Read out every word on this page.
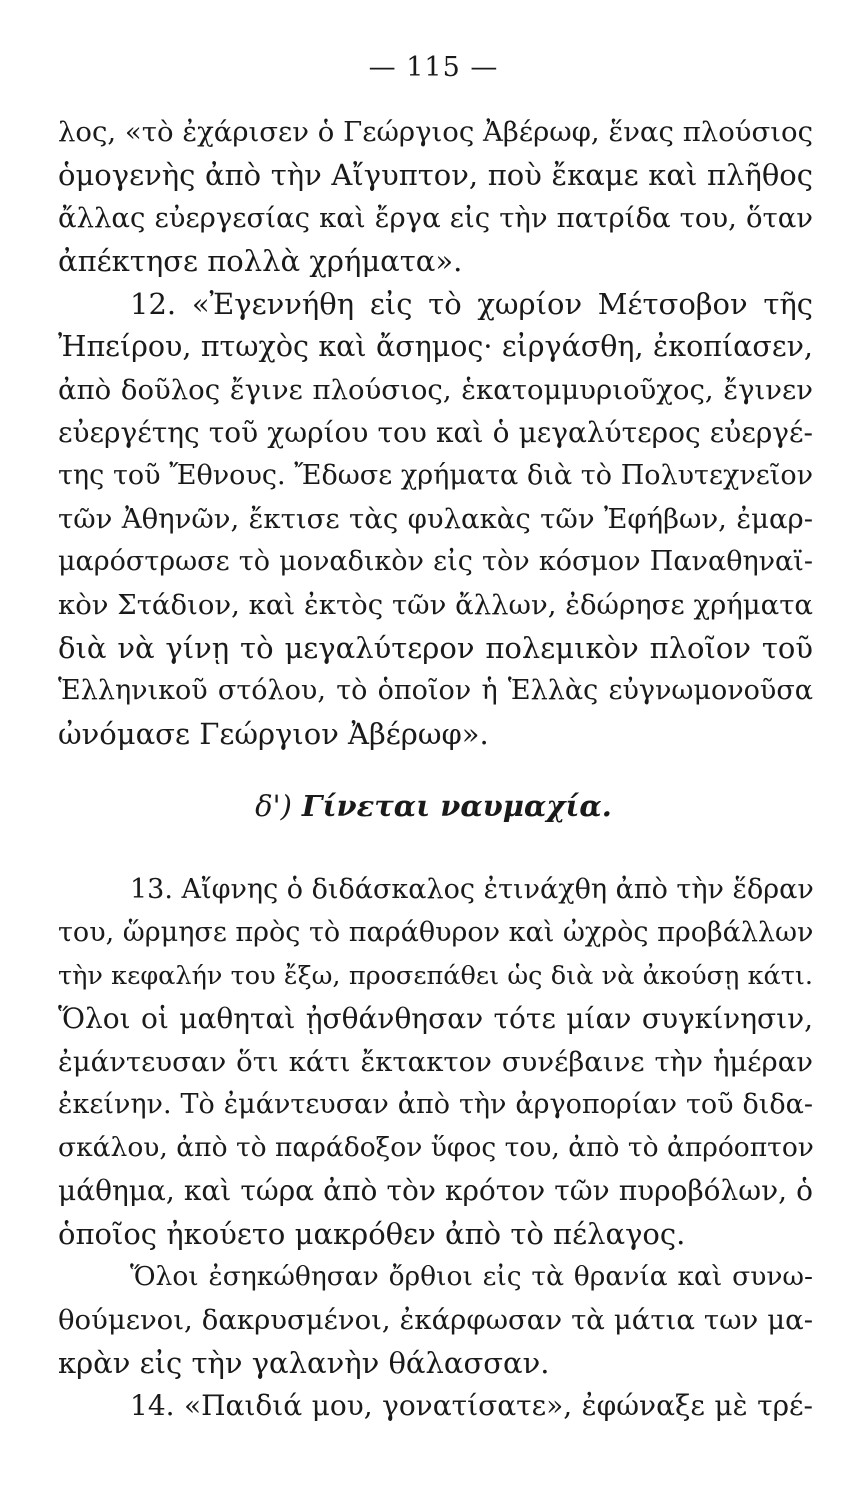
— 115 —
λος, «τὸ ἐχάρισεν ὁ Γεώργιος Ἀβέρωφ, ἕνας πλούσιος
ὁμογενὴς ἀπὸ τὴν Αἴγυπτον, ποὺ ἔκαμε καὶ πλῆθος
ἄλλας εὐεργεσίας καὶ ἔργα εἰς τὴν πατρίδα του, ὅταν
ἀπέκτησε πολλὰ χρήματα».
12. «Ἐγεννήθη εἰς τὸ χωρίον Μέτσοβον τῆς
Ἠπείρου, πτωχὸς καὶ ἄσημος· εἰργάσθη, ἐκοπίασεν,
ἀπὸ δοῦλος ἔγινε πλούσιος, ἑκατομμυριοῦχος, ἔγινεν
εὐεργέτης τοῦ χωρίου του καὶ ὁ μεγαλύτερος εὐεργέ-
της τοῦ Ἔθνους. Ἔδωσε χρήματα διὰ τὸ Πολυτεχνεῖον
τῶν Ἀθηνῶν, ἔκτισε τὰς φυλακὰς τῶν Ἐφήβων, ἐμαρ-
μαρόστρωσε τὸ μοναδικὸν εἰς τὸν κόσμον Παναθηναϊ-
κὸν Στάδιον, καὶ ἐκτὸς τῶν ἄλλων, ἐδώρησε χρήματα
διὰ νὰ γίνῃ τὸ μεγαλύτερον πολεμικὸν πλοῖον τοῦ
Ἑλληνικοῦ στόλου, τὸ ὁποῖον ἡ Ἑλλὰς εὐγνωμονοῦσα
ὠνόμασε Γεώργιον Ἀβέρωφ».
δ') Γίνεται ναυμαχία.
13. Αἴφνης ὁ διδάσκαλος ἐτινάχθη ἀπὸ τὴν ἕδραν
του, ὥρμησε πρὸς τὸ παράθυρον καὶ ὠχρὸς προβάλλων
τὴν κεφαλήν του ἔξω, προσεπάθει ὡς διὰ νὰ ἀκούσῃ κάτι.
Ὅλοι οἱ μαθηταὶ ᾐσθάνθησαν τότε μίαν συγκίνησιν,
ἐμάντευσαν ὅτι κάτι ἔκτακτον συνέβαινε τὴν ἡμέραν
ἐκείνην. Τὸ ἐμάντευσαν ἀπὸ τὴν ἀργοπορίαν τοῦ διδα-
σκάλου, ἀπὸ τὸ παράδοξον ὕφος του, ἀπὸ τὸ ἀπρόοπτον
μάθημα, καὶ τώρα ἀπὸ τὸν κρότον τῶν πυροβόλων, ὁ
ὁποῖος ἠκούετο μακρόθεν ἀπὸ τὸ πέλαγος.
Ὅλοι ἐσηκώθησαν ὄρθιοι εἰς τὰ θρανία καὶ συνω-
θούμενοι, δακρυσμένοι, ἐκάρφωσαν τὰ μάτια των μα-
κρὰν εἰς τὴν γαλανὴν θάλασσαν.
14. «Παιδιά μου, γονατίσατε», ἐφώναξε μὲ τρέ-
